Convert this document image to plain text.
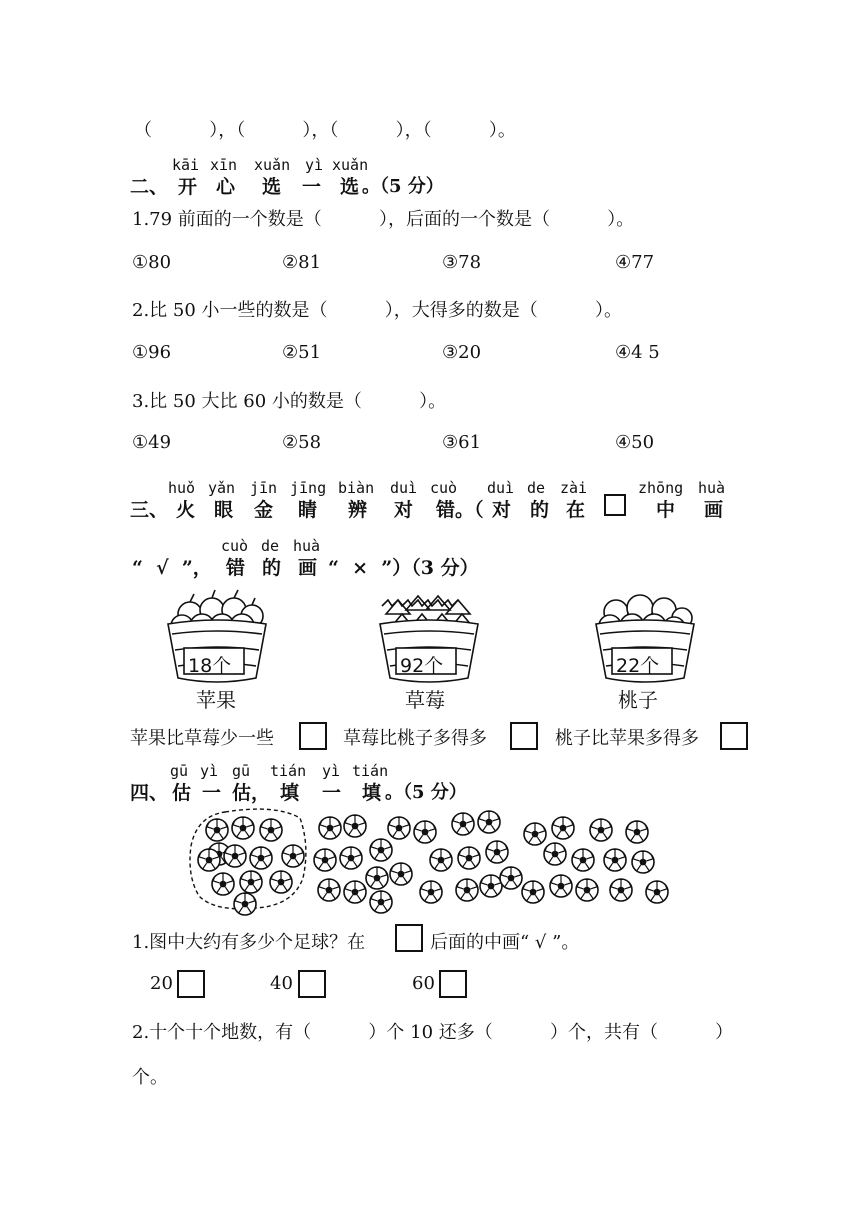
（          ），（          ），（          ），（          ）。
kāi xīn xuǎn yì xuǎn
二、 开 心 选 一 选 。（5 分）
1.79 前面的一个数是（          ），后面的一个数是（          ）。
①80	②81	③78	④77
2.比 50 小一些的数是（          ），大得多的数是（          ）。
①96	②51	③20	④4 5
3.比 50 大比 60 小的数是（          ）。
①49	②58	③61	④50
huǒ yǎn jīn jīng biàn duì cuò duì de zài	zhōng huà
三、 火 眼 金 睛 辨 对 错 。（ 对 的 在	中 画
cuò de huà
“  √  ”， 错 的 画 “  ×  ”）（3 分）
18个	92个	22个
苹果	草莓	桃子
苹果比草莓少一些	草莓比桃子多得多	桃子比苹果多得多
gū yì gū tián yì tián
四、 估 一 估， 填 一 填 。（5 分）
1.图中大约有多少个足球？在	后面的中画“ √ ”。
20	40	60
2.十个十个地数，有（          ）个 10 还多（          ）个，共有（          ）
个。
